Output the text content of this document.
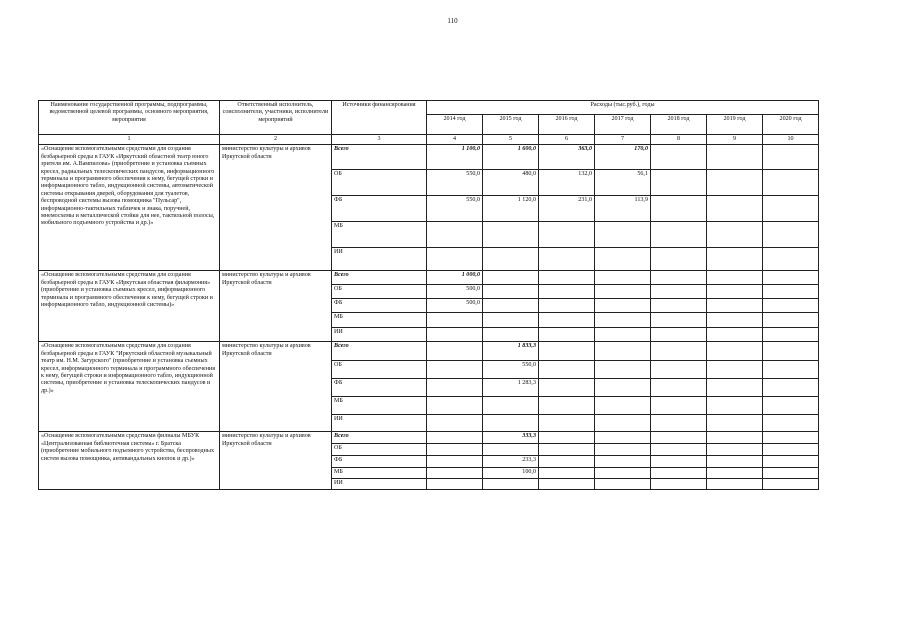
110
Наименование государственной программы, подпрограммы, ведомственной целевой программы, основного мероприятия, мероприятия	Ответственный исполнитель, соисполнители, участники, исполнители мероприятий	Источники финансирования	Расходы (тыс.руб.), годы						
			2014 год	2015 год	2016 год	2017 год	2018 год	2019 год	2020 год
1	2	3	4	5	6	7	8	9	10
«Оснащение вспомогательными средствами для создания безбарьерной среды в ГАУК «Иркутский областной театр юного зрителя им. А.Вампилова» (приобретение и установка съемных кресел, радиальных телескопических пандусов, информационного терминала и программного обеспечения к нему, бегущей строки и информационного табло, индукционной системы, автоматической системы открывания дверей, оборудования для туалетов, беспроводной системы вызова помощника "Пульсар", информационно-тактильных табличек и знака, поручней, мнемосхемы и металлической стойки для нее, тактильной полосы, мобильного подъемного устройства и др.)»	министерство культуры и архивов Иркутской области	Всего	1 100,0	1 600,0	363,0	170,0			
		ОБ	550,0	480,0	132,0	56,1			
		ФБ	550,0	1 120,0	231,0	113,9			
		МБ							
		ИИ							
«Оснащение вспомогательными средствами для создания безбарьерной среды в ГАУК «Иркутская областная филармония» (приобретение и установка съемных кресел, информационного терминала и программного обеспечения к нему, бегущей строки и информационного табло, индукционной системы)»	министерство культуры и архивов Иркутской области	Всего	1 000,0						
		ОБ	500,0						
		ФБ	500,0						
		МБ							
		ИИ							
«Оснащение вспомогательными средствами для создания безбарьерной среды в ГАУК "Иркутский областной музыкальный театр им. Н.М. Загурского" (приобретение и установка съемных кресел, информационного терминала и программного обеспечения к нему, бегущей строки и информационного табло, индукционной системы, приобретение и установка телескопических пандусов и др.)»	министерство культуры и архивов Иркутской области	Всего		1 833,3					
		ОБ		550,0					
		ФБ		1 283,3					
		МБ							
		ИИ							
«Оснащение вспомогательными средствами филиалы МБУК «Централизованная библиотечная система» г. Братска (приобретение мобильного подъемного устройства, беспроводных систем вызова помощника, антивандальных кнопок и др.)»	министерство культуры и архивов Иркутской области	Всего		333,3					
		ОБ							
		ФБ		233,3					
		МБ		100,0					
		ИИ							
